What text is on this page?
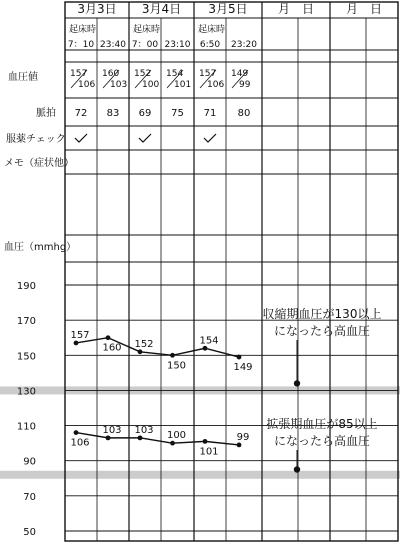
3月3日 3月4日 3月5日	月　日	月　日
起床時
7：10 23:40
起床時
7：00 23:10
起床時
6:50 23:20
血圧値
脈拍
服薬チェック
メモ（症状他）
157
106
160
103
152
100
154
101
157
106
149
99
72 83 69 75 71 80
血圧（mmhg）
50
70
90
110
130
150
170
190
157
160 152
150
154
149
106
103 103 100
101
99
収縮期血圧が130以上
になったら高血圧
拡張期血圧が85以上
になったら高血圧
